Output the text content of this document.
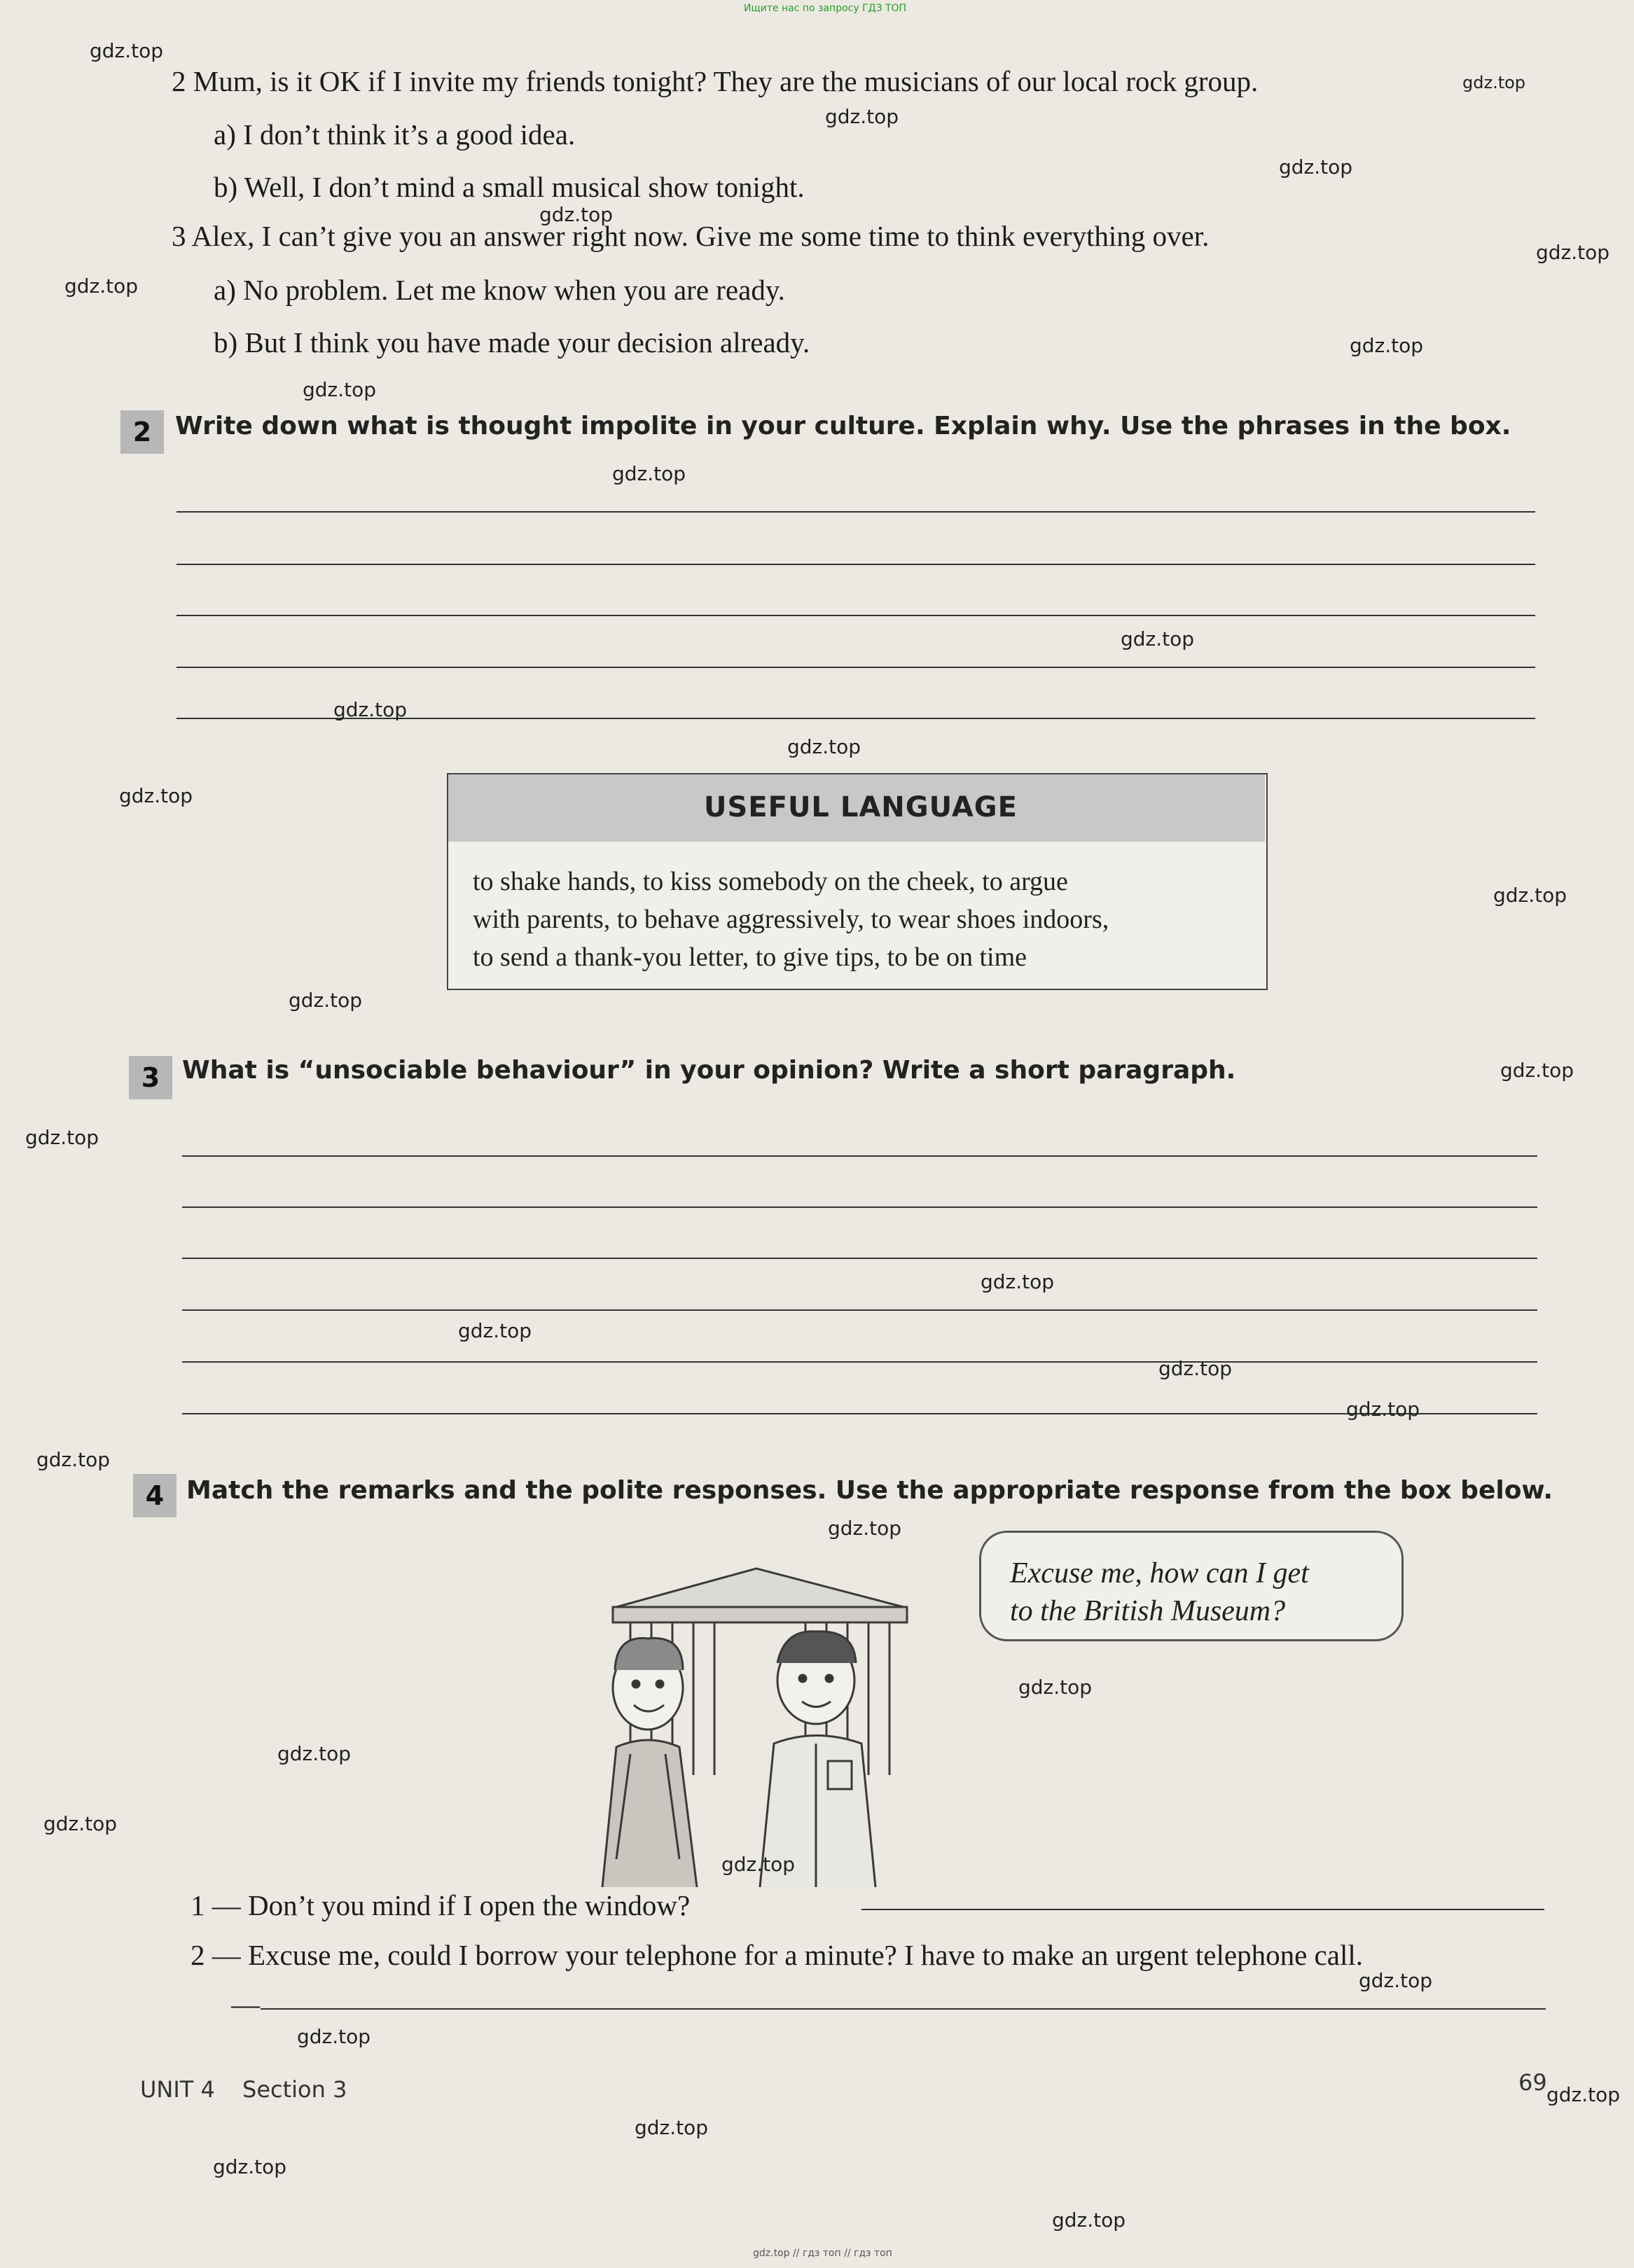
Ищите нас по запросу ГДЗ ТОП
gdz.top // гдз топ // гдз топ
2 Mum, is it OK if I invite my friends tonight? They are the musicians of our local rock group.
a) I don’t think it’s a good idea.
b) Well, I don’t mind a small musical show tonight.
3 Alex, I can’t give you an answer right now. Give me some time to think everything over.
a) No problem. Let me know when you are ready.
b) But I think you have made your decision already.
2 Write down what is thought impolite in your culture. Explain why. Use the phrases in the box.
USEFUL LANGUAGE
to shake hands, to kiss somebody on the cheek, to argue
with parents, to behave aggressively, to wear shoes indoors,
to send a thank-you letter, to give tips, to be on time
3 What is “unsociable behaviour” in your opinion? Write a short paragraph.
4 Match the remarks and the polite responses. Use the appropriate response from the box below.
Excuse me, how can I get
to the British Museum?
1 — Don’t you mind if I open the window?
2 — Excuse me, could I borrow your telephone for a minute? I have to make an urgent telephone call.
—
UNIT 4 Section 3	69
gdz.top
gdz.top
gdz.top
gdz.top
gdz.top
gdz.top
gdz.top
gdz.top
gdz.top
gdz.top
gdz.top
gdz.top
gdz.top
gdz.top
gdz.top
gdz.top
gdz.top
gdz.top
gdz.top
gdz.top
gdz.top
gdz.top
gdz.top
gdz.top
gdz.top
gdz.top
gdz.top
gdz.top
gdz.top
gdz.top
gdz.top
gdz.top
gdz.top
gdz.top
